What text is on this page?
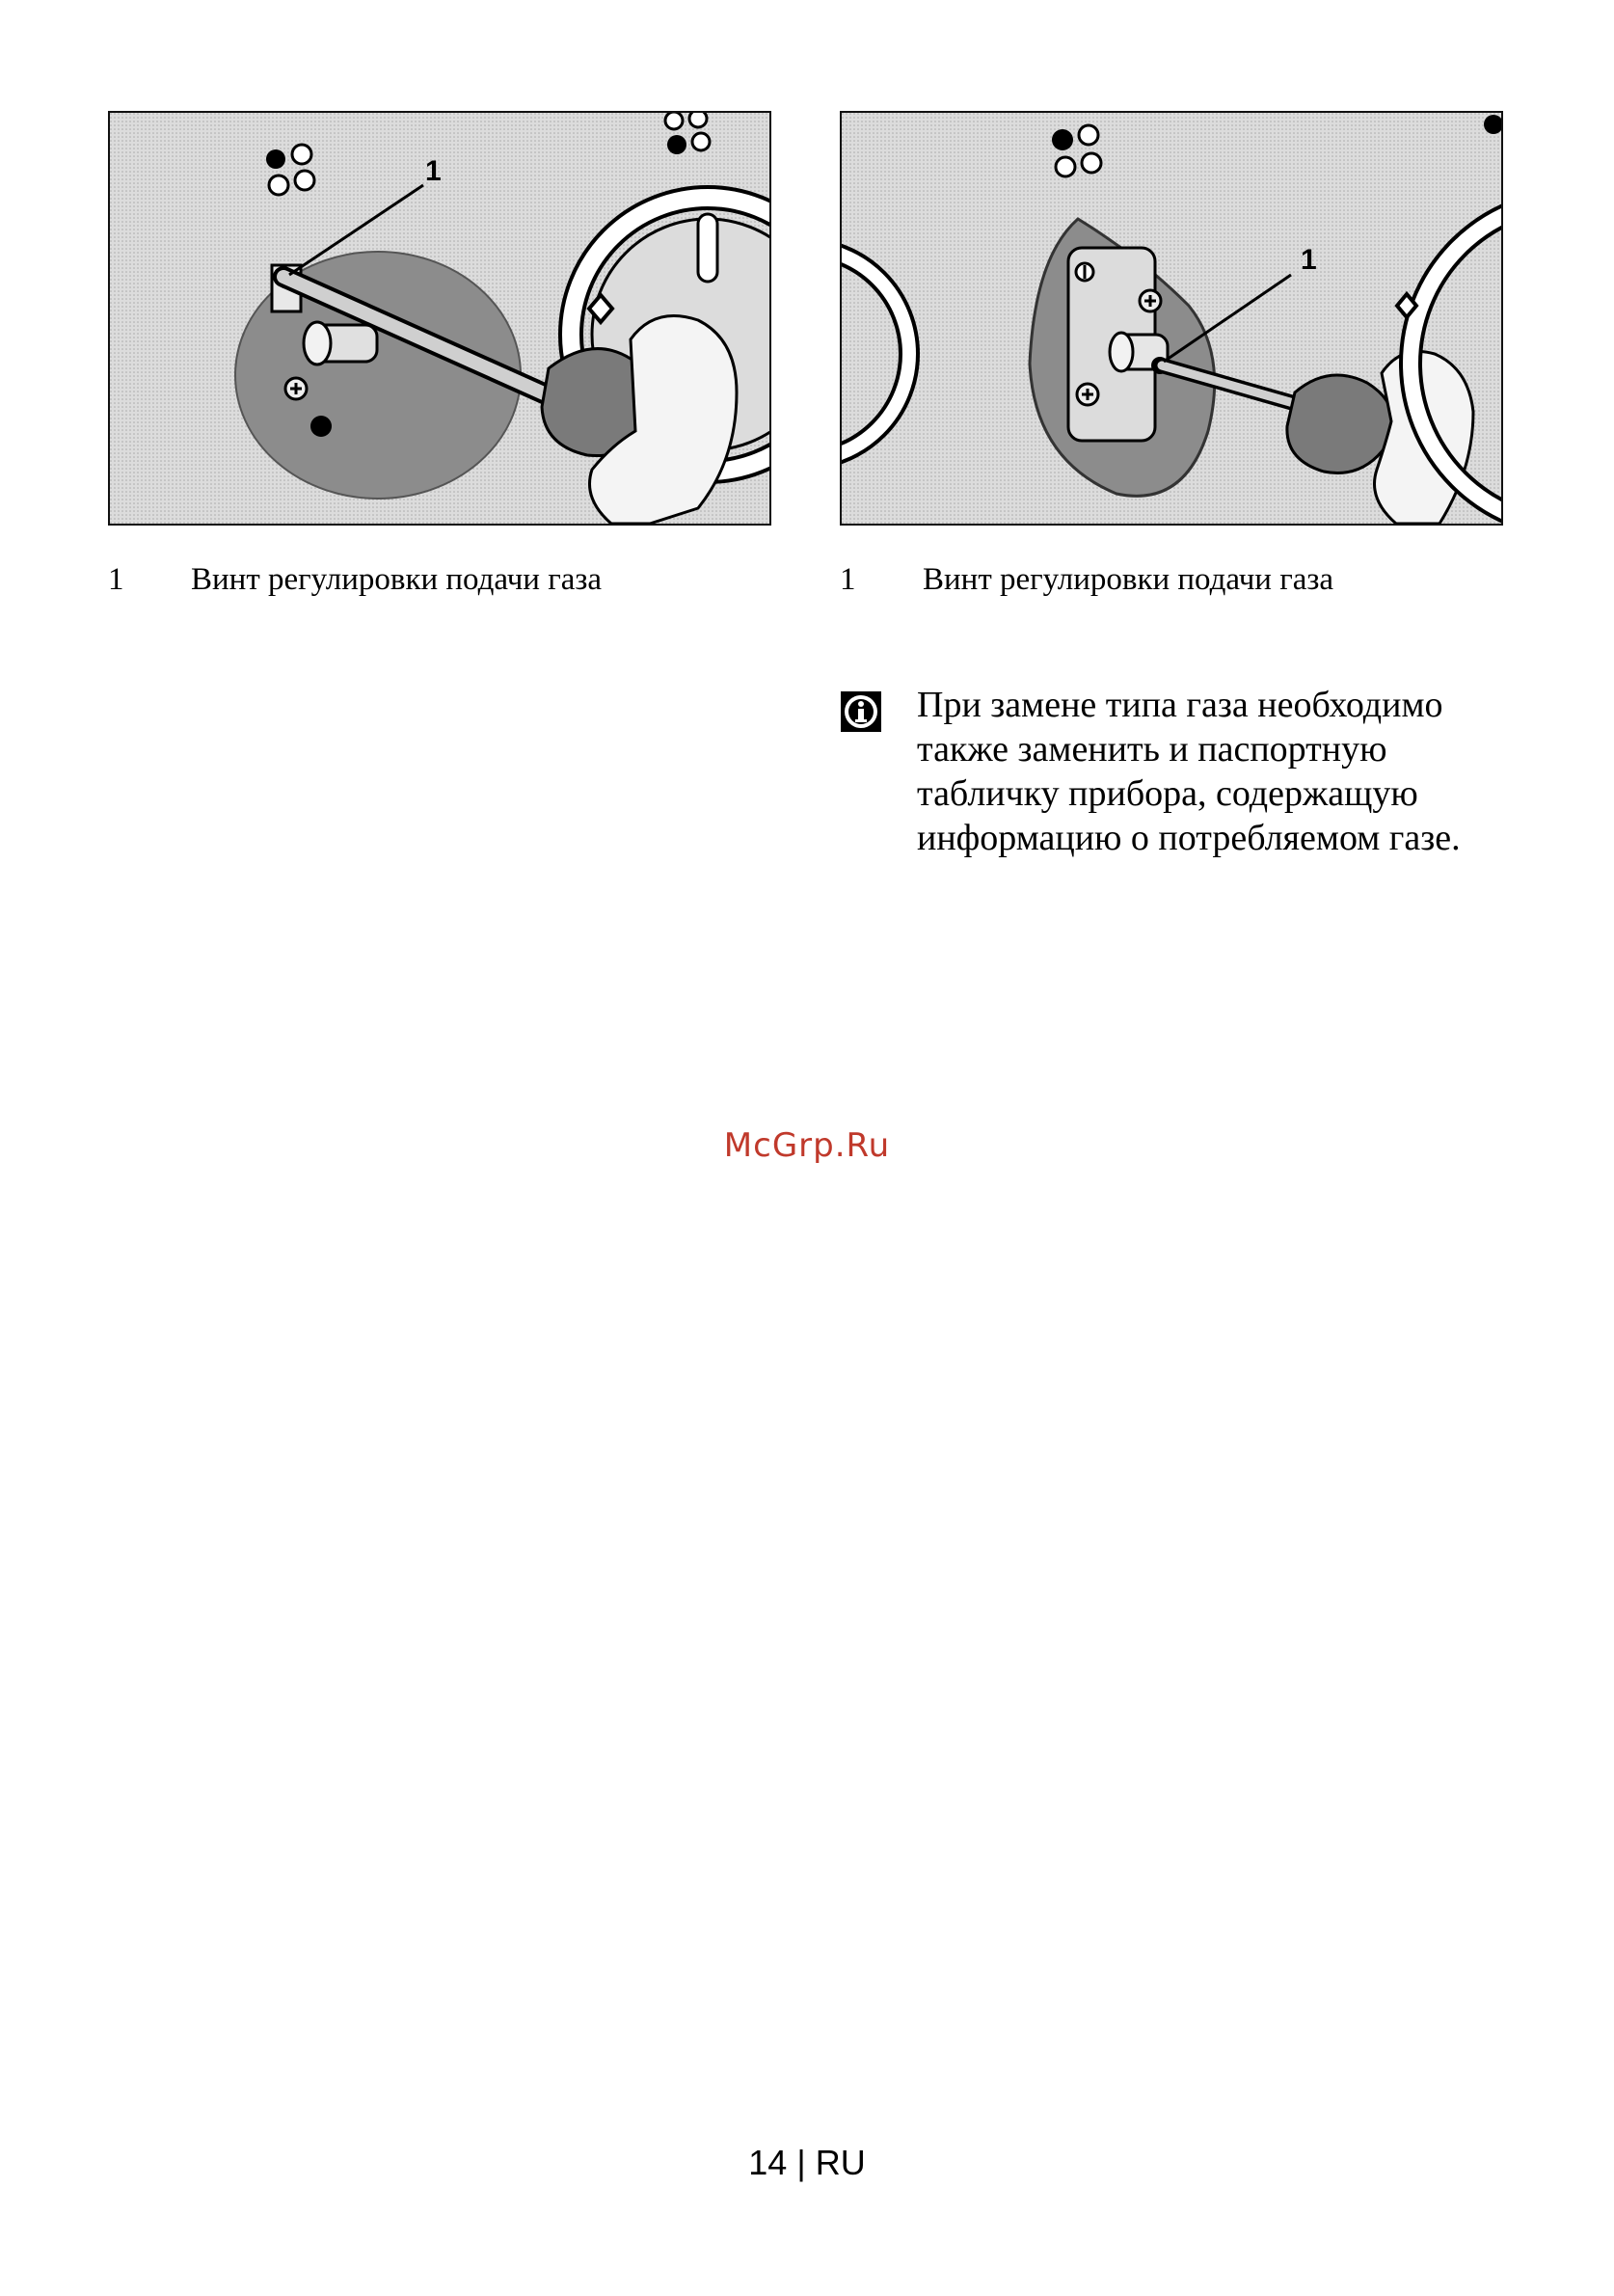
1
1 Винт регулировки подачи газа
1
1 Винт регулировки подачи газа
При замене типа газа необходимо также заменить и паспортную табличку прибора, содержащую информацию о потребляемом газе.
McGrp.Ru
14 | RU
